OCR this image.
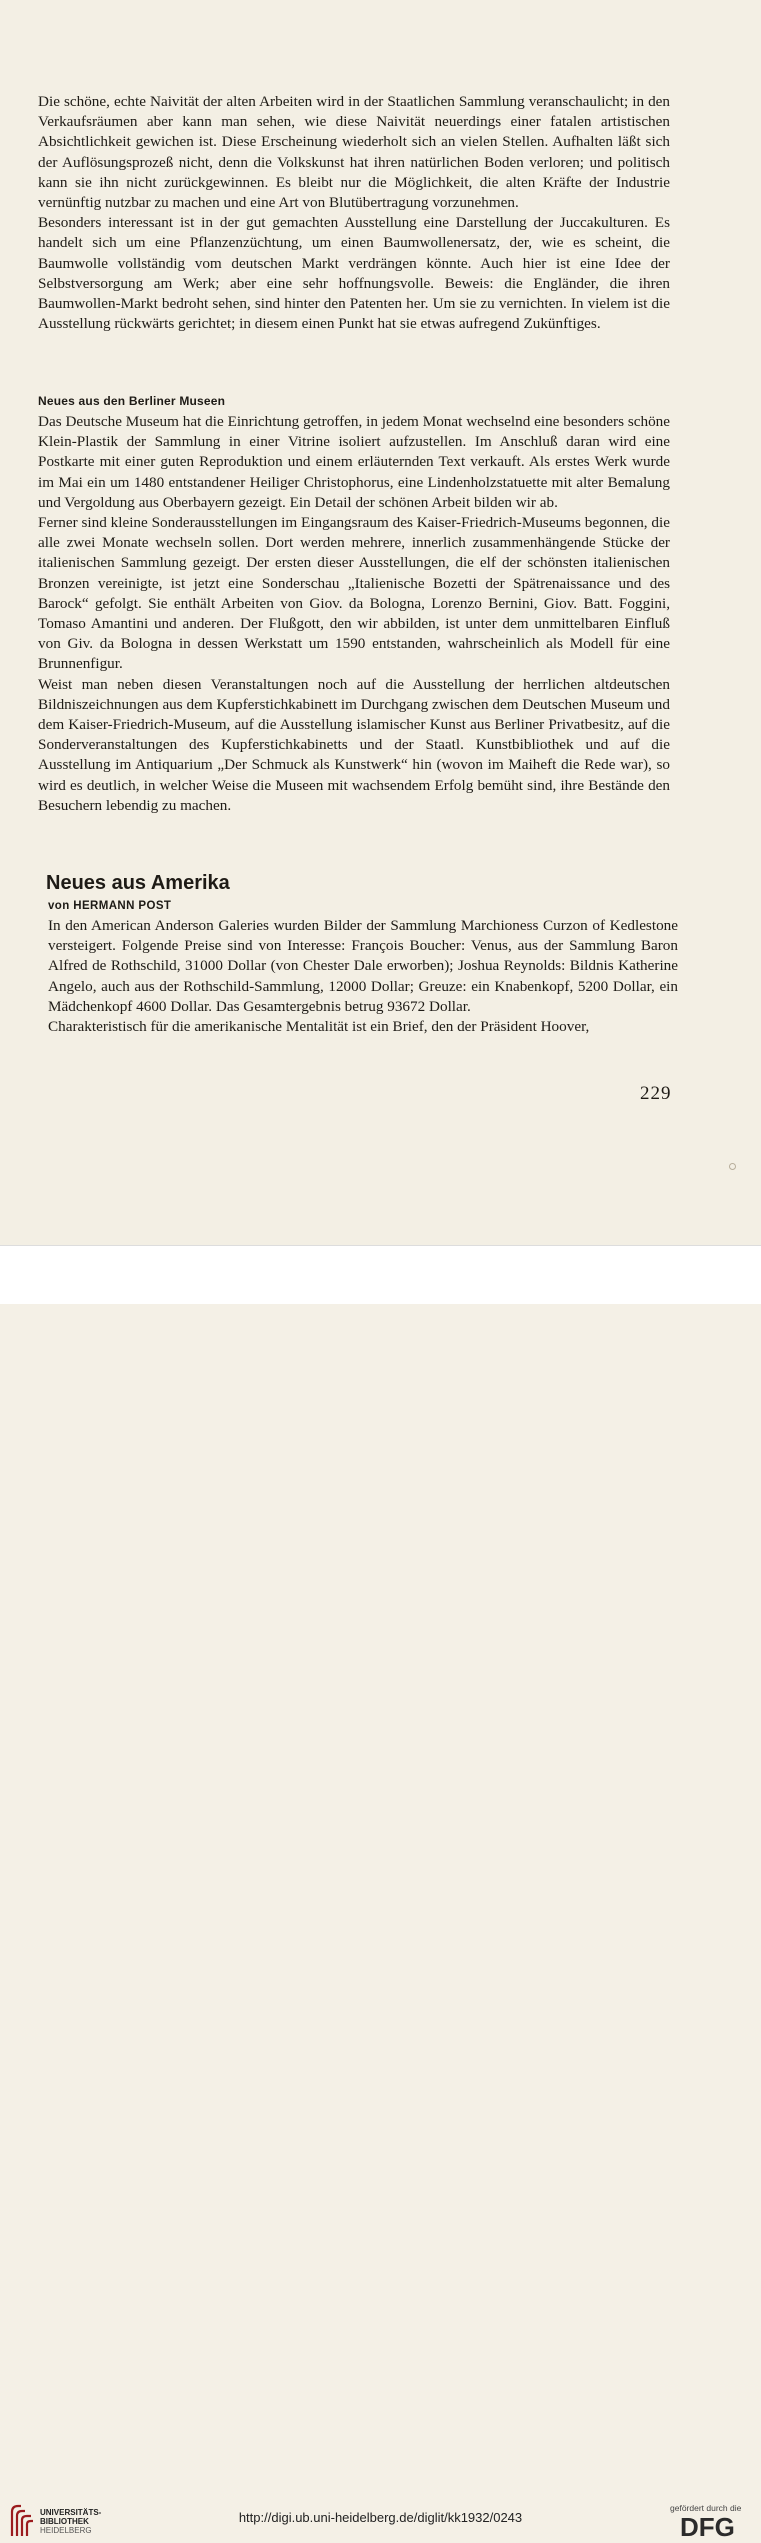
Die schöne, echte Naivität der alten Arbeiten wird in der Staatlichen Sammlung veranschaulicht; in den Verkaufsräumen aber kann man sehen, wie diese Naivität neuerdings einer fatalen artistischen Absichtlichkeit gewichen ist. Diese Erscheinung wiederholt sich an vielen Stellen. Aufhalten läßt sich der Auflösungsprozeß nicht, denn die Volkskunst hat ihren natürlichen Boden verloren; und politisch kann sie ihn nicht zurückgewinnen. Es bleibt nur die Möglichkeit, die alten Kräfte der Industrie vernünftig nutzbar zu machen und eine Art von Blutübertragung vorzunehmen.

Besonders interessant ist in der gut gemachten Ausstellung eine Darstellung der Juccakulturen. Es handelt sich um eine Pflanzenzüchtung, um einen Baumwollenersatz, der, wie es scheint, die Baumwolle vollständig vom deutschen Markt verdrängen könnte. Auch hier ist eine Idee der Selbstversorgung am Werk; aber eine sehr hoffnungsvolle. Beweis: die Engländer, die ihren Baumwollen-Markt bedroht sehen, sind hinter den Patenten her. Um sie zu vernichten. In vielem ist die Ausstellung rückwärts gerichtet; in diesem einen Punkt hat sie etwas aufregend Zukünftiges.

Neues aus den Berliner Museen

Das Deutsche Museum hat die Einrichtung getroffen, in jedem Monat wechselnd eine besonders schöne Klein-Plastik der Sammlung in einer Vitrine isoliert aufzustellen. Im Anschluß daran wird eine Postkarte mit einer guten Reproduktion und einem erläuternden Text verkauft. Als erstes Werk wurde im Mai ein um 1480 entstandener Heiliger Christophorus, eine Lindenholzstatuette mit alter Bemalung und Vergoldung aus Oberbayern gezeigt. Ein Detail der schönen Arbeit bilden wir ab.

Ferner sind kleine Sonderausstellungen im Eingangsraum des Kaiser-Friedrich-Museums begonnen, die alle zwei Monate wechseln sollen. Dort werden mehrere, innerlich zusammenhängende Stücke der italienischen Sammlung gezeigt. Der ersten dieser Ausstellungen, die elf der schönsten italienischen Bronzen vereinigte, ist jetzt eine Sonderschau „Italienische Bozetti der Spätrenaissance und des Barock“ gefolgt. Sie enthält Arbeiten von Giov. da Bologna, Lorenzo Bernini, Giov. Batt. Foggini, Tomaso Amantini und anderen. Der Flußgott, den wir abbilden, ist unter dem unmittelbaren Einfluß von Giv. da Bologna in dessen Werkstatt um 1590 entstanden, wahrscheinlich als Modell für eine Brunnenfigur.

Weist man neben diesen Veranstaltungen noch auf die Ausstellung der herrlichen altdeutschen Bildniszeichnungen aus dem Kupferstichkabinett im Durchgang zwischen dem Deutschen Museum und dem Kaiser-Friedrich-Museum, auf die Ausstellung islamischer Kunst aus Berliner Privatbesitz, auf die Sonderveranstaltungen des Kupferstichkabinetts und der Staatl. Kunstbibliothek und auf die Ausstellung im Antiquarium „Der Schmuck als Kunstwerk“ hin (wovon im Maiheft die Rede war), so wird es deutlich, in welcher Weise die Museen mit wachsendem Erfolg bemüht sind, ihre Bestände den Besuchern lebendig zu machen.

Neues aus Amerika
von HERMANN POST

In den American Anderson Galeries wurden Bilder der Sammlung Marchioness Curzon of Kedlestone versteigert. Folgende Preise sind von Interesse: François Boucher: Venus, aus der Sammlung Baron Alfred de Rothschild, 31000 Dollar (von Chester Dale erworben); Joshua Reynolds: Bildnis Katherine Angelo, auch aus der Rothschild-Sammlung, 12000 Dollar; Greuze: ein Knabenkopf, 5200 Dollar, ein Mädchenkopf 4600 Dollar. Das Gesamtergebnis betrug 93672 Dollar.

Charakteristisch für die amerikanische Mentalität ist ein Brief, den der Präsident Hoover,

229
UNIVERSITÄTS-
BIBLIOTHEK
HEIDELBERG
http://digi.ub.uni-heidelberg.de/diglit/kk1932/0243
gefördert durch die
DFG
